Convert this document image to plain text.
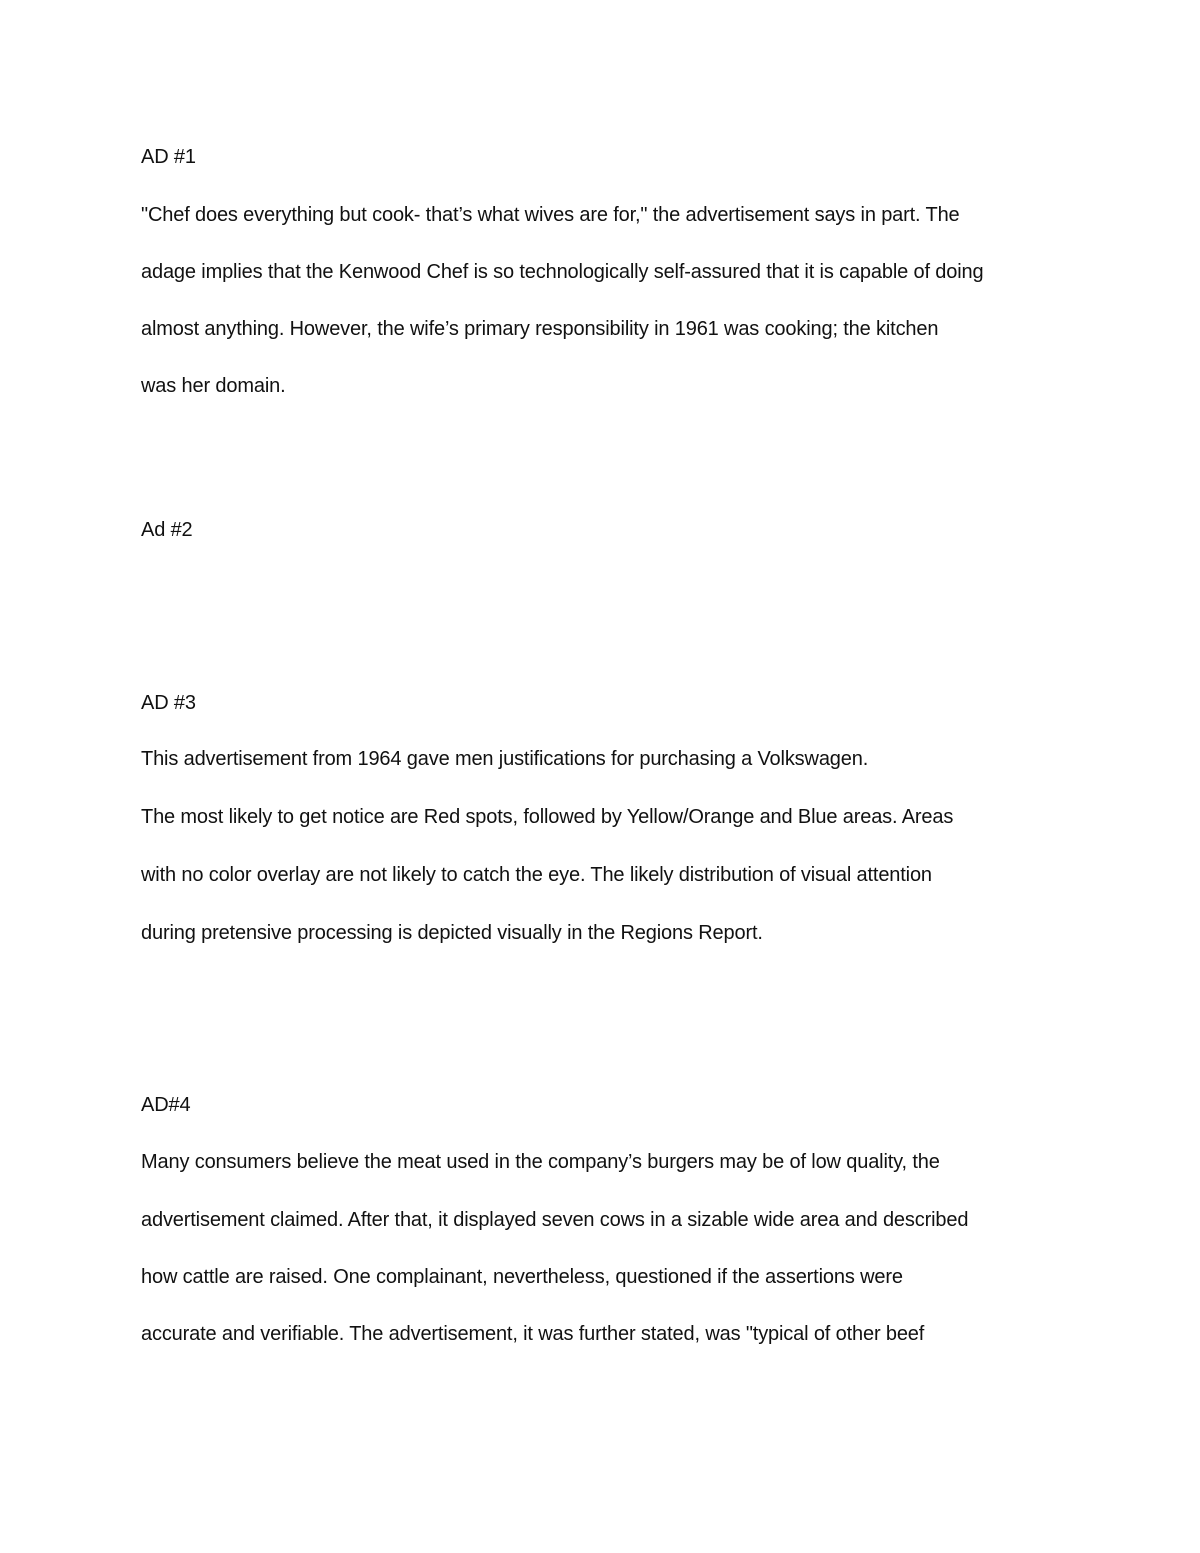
AD #1
"Chef does everything but cook- that’s what wives are for," the advertisement says in part. The
adage implies that the Kenwood Chef is so technologically self-assured that it is capable of doing
almost anything. However, the wife’s primary responsibility in 1961 was cooking; the kitchen
was her domain.
Ad #2
AD #3
This advertisement from 1964 gave men justifications for purchasing a Volkswagen.
The most likely to get notice are Red spots, followed by Yellow/Orange and Blue areas. Areas
with no color overlay are not likely to catch the eye. The likely distribution of visual attention
during pretensive processing is depicted visually in the Regions Report.
AD#4
Many consumers believe the meat used in the company’s burgers may be of low quality, the
advertisement claimed. After that, it displayed seven cows in a sizable wide area and described
how cattle are raised. One complainant, nevertheless, questioned if the assertions were
accurate and verifiable. The advertisement, it was further stated, was "typical of other beef
